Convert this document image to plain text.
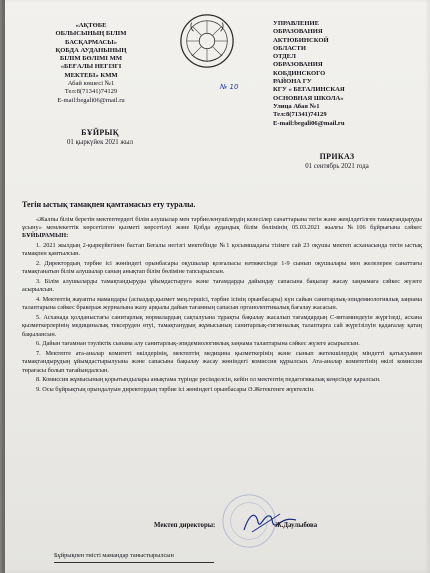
«АҚТӨБЕ
ОБЛЫСЫНЫҢ БІЛІМ
БАСҚАРМАСЫ»
ҚОБДА АУДАНЫНЫҢ
БІЛІМ БӨЛІМІ ММ
«БЕҒАЛЫ НЕГІЗГІ
МЕКТЕБІ» КММ
Абай көшесі №1
Тел:8(71341)74129
E-mail:begali06@mail.ru
УПРАВЛЕНИЕ
ОБРАЗОВАНИЯ
АКТЮБИНСКОЙ
ОБЛАСТИ
ОТДЕЛ
ОБРАЗОВАНИЯ
КОБДИНСКОГО
РАЙОНА ГУ
КГУ « БЕГАЛИНСКАЯ
ОСНОВНАЯ ШКОЛА»
Улица Абая №1
Тел:8(71341)74129
E-mail:begali06@mail.ru
№ 10
БҰЙРЫҚ
01 қыркүйек 2021 жыл
ПРИКАЗ
01 сентябрь 2021 года
Тегін ыстық тамақпен қамтамасыз ету туралы.

«Жалпы білім беретін мектептердегі білім алушылар мен тәрбиеленушілердің келесілер санаттарына тегін және жеңілдетілген тамақтандыруды ұсыну» мемлекеттік көрсетілген қызметі көрсетілуі және Қобда аудандық білім бөлімінің 05.03.2021 жылғы №106 бұйрығына сәйкес БҰЙЫРАМЫН:

1. 2021 жылдың 2-қыркүйегінен бастап Беғалы негізгі мектебінде №1 қосымшадағы тізімге сай 23 оқушы мектеп асханасында тегін ыстық тамақпен қамтылсын.

2. Директордың тәрбие ісі жөніндегі орынбасары оқушылар қозғалысы нәтижесінде 1-9 сынып оқушылары мен желелерен санаттағы тамақтанатын білім алушылар саның анықтап білім бөліміне тапсырылсын.

3. Білім алушыларды тамақтандыруды ұйымдастыруға және тағамдарды дайындау сапасына бақылау жасау заңнамаға сәйкес жүзеге асырылсын.

4. Мектептің жауапты мамандары (аспаздар,қызмет мең.гершісі, тәрбие ісінің орынбасары) күн сайын санитарлық-эпидемиологиялық заңнама талаптарына сәйкес бракераж журналына жазу арқылы дайын тағамның сапасын органолептикалық бағалау жасасын.

5. Асханада қолданыстағы санитарлық нормалардың сақталуына тұрақты бақылау жасалып тағамдардың С-витаминдеуін жүргізеді, асхана қызметкерлерінің медициналық тексеруден өтуі, тамақтанудың жұмысының санитарлық-гигиеналық талаптарға сай жүргізілуін қадағалау қатаң бақылансын.

6. Дайын тағамнан тәуліктік сынама алу санитарлық-эпидемиологиялық заңнама талаптарына сәйкес жүзеге асырылсын.

7. Мектепте ата-аналар комитеті өкілдерінің, мектептің медицина қызметкерінің және сынып жетекшілердің міндетті қатысуымен тамақтандырудың ұйымдастырылуына және сапасына бақылау жасау жөніндегі комиссия құрылсын. Ата-аналар комитетінің өкілі комиссия төрағасы болып тағайындалсын.

8. Комиссия жұмысының қорытындылары анықтама түрінде ресімделсін, кейін ол мектептің педагогикалық кеңесінде қаралсын.

9. Осы бұйрықтың орындалуын директордың тәрбие ісі жөніндегі орынбасары Ә.Жетекгенге жүктелсін.

Мектеп директоры:	Ж.Даулыбова
Бұйрықпен тиісті мамандар таныстырылсын
